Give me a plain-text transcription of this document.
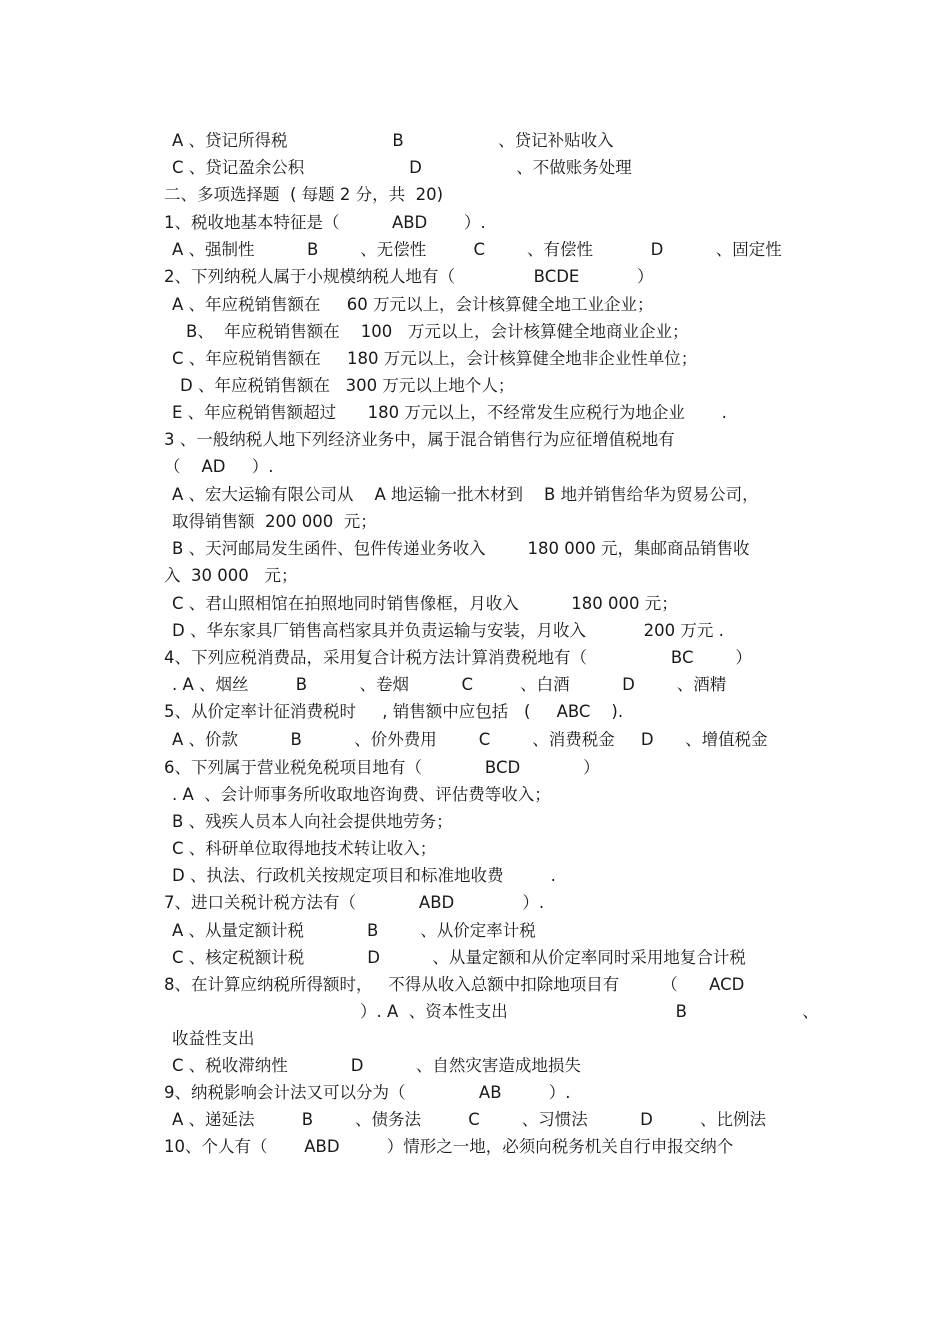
A 、贷记所得税                    B                  、贷记补贴收入
C 、贷记盈余公积                    D                  、不做账务处理
二、多项选择题  ( 每题 2 分，共  20)
1、税收地基本特征是（          ABD       ）.
A 、强制性          B        、无偿性         C        、有偿性           D          、固定性
2、下列纳税人属于小规模纳税人地有（               BCDE           ）
A 、年应税销售额在     60 万元以上，会计核算健全地工业企业；
B、  年应税销售额在    100   万元以上，会计核算健全地商业企业；
C 、年应税销售额在     180 万元以上，会计核算健全地非企业性单位；
D 、年应税销售额在   300 万元以上地个人；
E 、年应税销售额超过      180 万元以上，不经常发生应税行为地企业       .
3 、一般纳税人地下列经济业务中，属于混合销售行为应征增值税地有
（    AD     ）.
A 、宏大运输有限公司从    A 地运输一批木材到    B 地并销售给华为贸易公司，
取得销售额  200 000  元；
B 、天河邮局发生函件、包件传递业务收入        180 000 元，集邮商品销售收
入  30 000   元；
C 、君山照相馆在拍照地同时销售像框，月收入          180 000 元；
D 、华东家具厂销售高档家具并负责运输与安装，月收入           200 万元 .
4、下列应税消费品，采用复合计税方法计算消费税地有（                BC        ）
. A 、烟丝         B          、卷烟          C         、白酒          D        、酒精
5、从价定率计征消费税时     , 销售额中应包括   (     ABC    ).
A 、价款          B          、价外费用        C        、消费税金     D      、增值税金
6、下列属于营业税免税项目地有（            BCD            ）
. A  、会计师事务所收取地咨询费、评估费等收入；
B 、残疾人员本人向社会提供地劳务；
C 、科研单位取得地技术转让收入；
D 、执法、行政机关按规定项目和标准地收费         .
7、进口关税计税方法有（            ABD             ）.
A 、从量定额计税            B        、从价定率计税
C 、核定税额计税            D          、从量定额和从价定率同时采用地复合计税
8、在计算应纳税所得额时，   不得从收入总额中扣除地项目有        （      ACD
）. A  、资本性支出                                B                      、
收益性支出
C 、税收滞纳性            D          、自然灾害造成地损失
9、纳税影响会计法又可以分为（              AB         ）.
A 、递延法         B        、债务法         C        、习惯法          D         、比例法
10、个人有（       ABD         ）情形之一地，必须向税务机关自行申报交纳个
